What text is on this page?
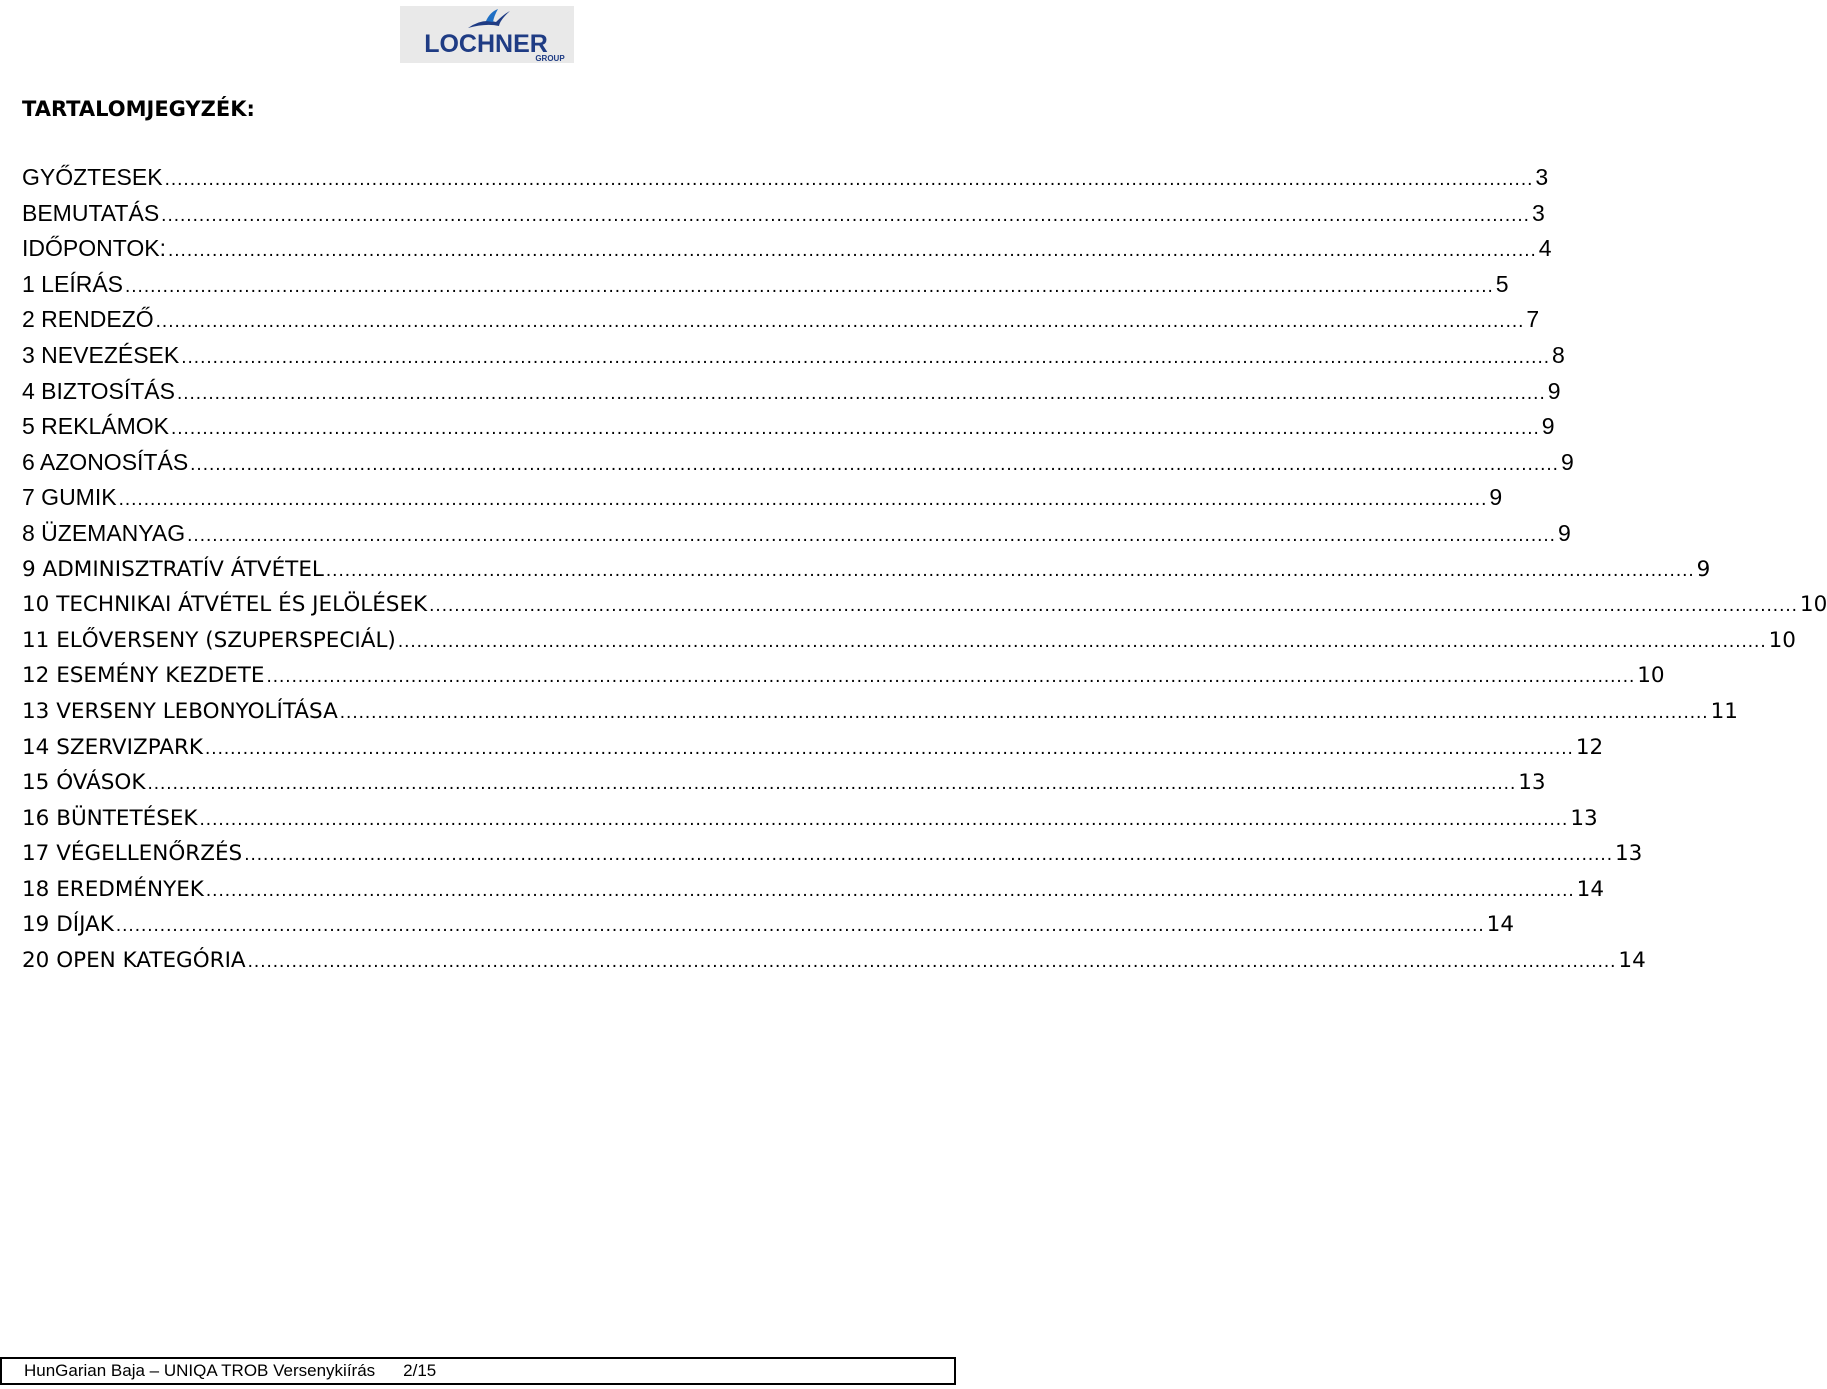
LOCHNER
GROUP
TARTALOMJEGYZÉK:
GYŐZTESEK .......................................................................................................................................................................................................................... 3
BEMUTATÁS .......................................................................................................................................................................................................................... 3
IDŐPONTOK: .......................................................................................................................................................................................................................... 4
1 LEÍRÁS .......................................................................................................................................................................................................................... 5
2 RENDEZŐ .......................................................................................................................................................................................................................... 7
3 NEVEZÉSEK .......................................................................................................................................................................................................................... 8
4 BIZTOSÍTÁS .......................................................................................................................................................................................................................... 9
5 REKLÁMOK .......................................................................................................................................................................................................................... 9
6 AZONOSÍTÁS .......................................................................................................................................................................................................................... 9
7 GUMIK .......................................................................................................................................................................................................................... 9
8 ÜZEMANYAG .......................................................................................................................................................................................................................... 9
9 ADMINISZTRATÍV ÁTVÉTEL .......................................................................................................................................................................................................................... 9
10 TECHNIKAI ÁTVÉTEL ÉS JELÖLÉSEK .......................................................................................................................................................................................................................... 10
11 ELŐVERSENY (SZUPERSPECIÁL) .......................................................................................................................................................................................................................... 10
12 ESEMÉNY KEZDETE .......................................................................................................................................................................................................................... 10
13 VERSENY LEBONYOLÍTÁSA .......................................................................................................................................................................................................................... 11
14 SZERVIZPARK .......................................................................................................................................................................................................................... 12
15 ÓVÁSOK .......................................................................................................................................................................................................................... 13
16 BÜNTETÉSEK .......................................................................................................................................................................................................................... 13
17 VÉGELLENŐRZÉS .......................................................................................................................................................................................................................... 13
18 EREDMÉNYEK .......................................................................................................................................................................................................................... 14
19 DÍJAK .......................................................................................................................................................................................................................... 14
20 OPEN KATEGÓRIA .......................................................................................................................................................................................................................... 14
HunGarian Baja – UNIQA TROB Versenykiírás 2/15
